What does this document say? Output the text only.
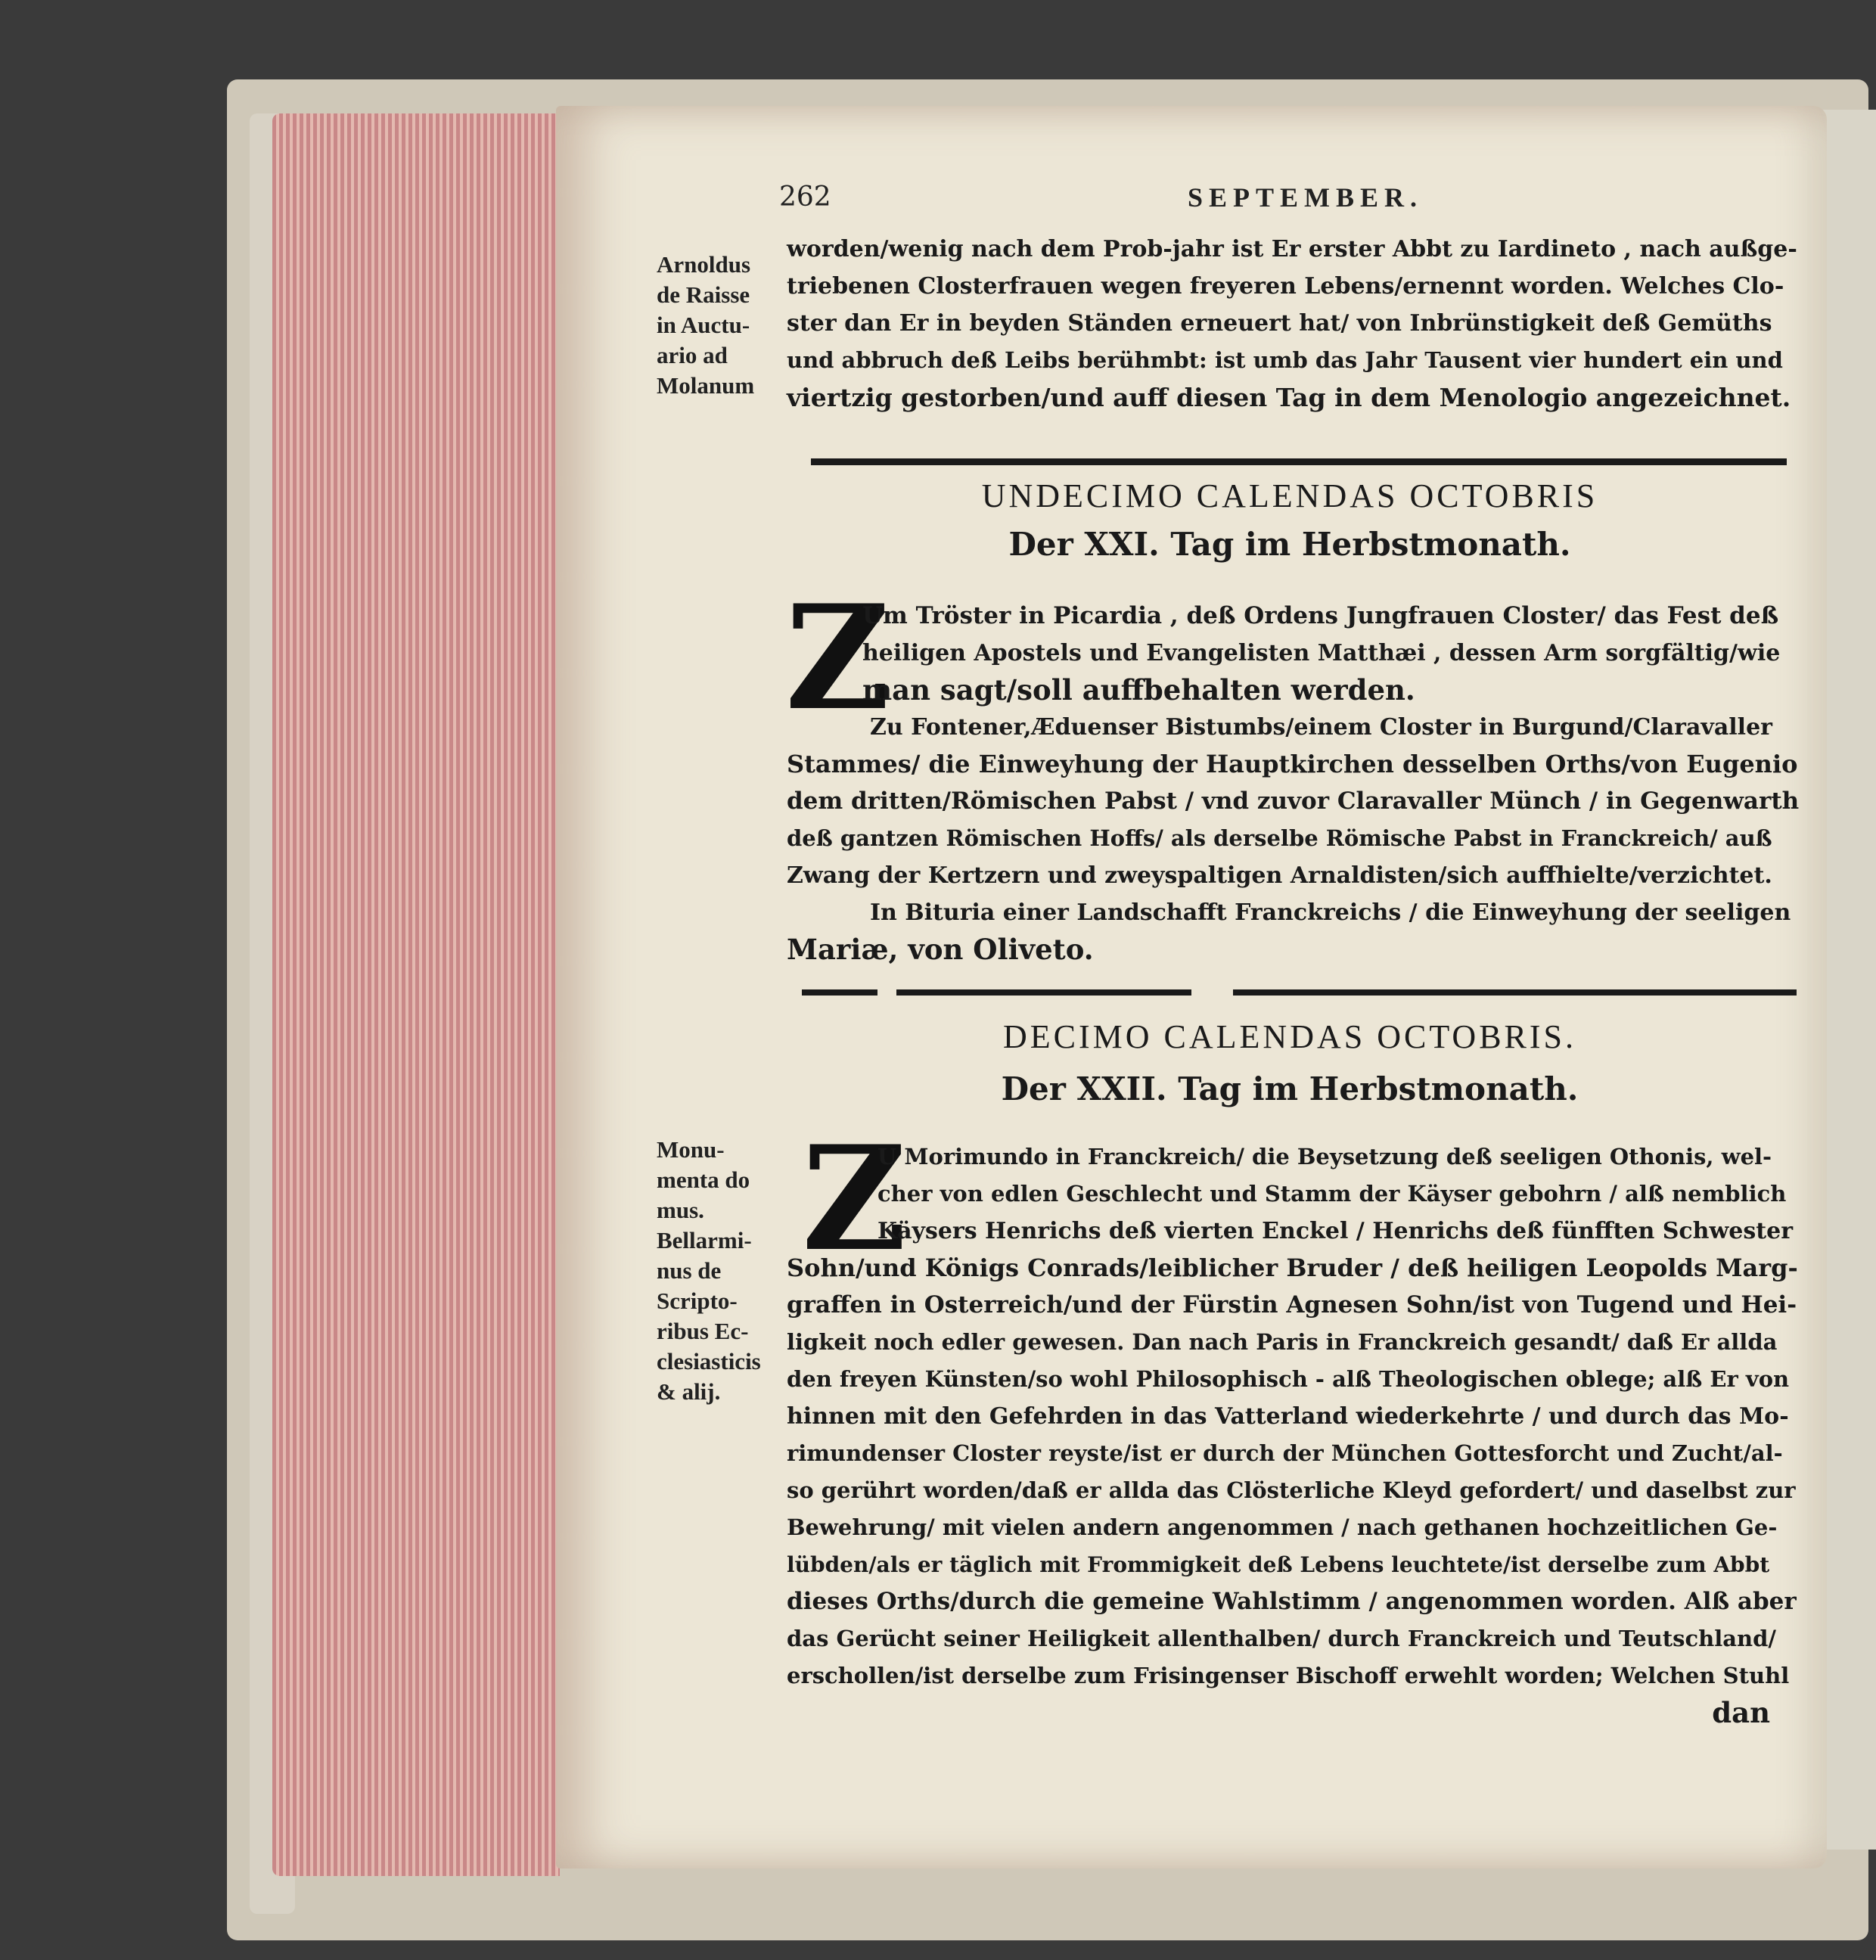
262	SEPTEMBER.
Arnoldus
de Raisse
in Auctu-
ario ad
Molanum
worden/wenig nach dem Prob-jahr ist Er erster Abbt zu Iardineto , nach außge-
triebenen Closterfrauen wegen freyeren Lebens/ernennt worden. Welches Clo-
ster dan Er in beyden Ständen erneuert hat/ von Inbrünstigkeit deß Gemüths
und abbruch deß Leibs berühmbt: ist umb das Jahr Tausent vier hundert ein und
viertzig gestorben/und auff diesen Tag in dem Menologio angezeichnet.
UNDECIMO CALENDAS OCTOBRIS
Der XXI. Tag im Herbstmonath.
Z
Um Tröster in Picardia , deß Ordens Jungfrauen Closter/ das Fest deß
heiligen Apostels und Evangelisten Matthæi , dessen Arm sorgfältig/wie
man sagt/soll auffbehalten werden.
Zu Fontener,Æduenser Bistumbs/einem Closter in Burgund/Claravaller
Stammes/ die Einweyhung der Hauptkirchen desselben Orths/von Eugenio
dem dritten/Römischen Pabst / vnd zuvor Claravaller Münch / in Gegenwarth
deß gantzen Römischen Hoffs/ als derselbe Römische Pabst in Franckreich/ auß
Zwang der Kertzern und zweyspaltigen Arnaldisten/sich auffhielte/verzichtet.
In Bituria einer Landschafft Franckreichs / die Einweyhung der seeligen
Mariæ, von Oliveto.
DECIMO CALENDAS OCTOBRIS.
Der XXII. Tag im Herbstmonath.
Monu-
menta do
mus.
Bellarmi-
nus de
Scripto-
ribus Ec-
clesiasticis
& alij.
Z
U Morimundo in Franckreich/ die Beysetzung deß seeligen Othonis, wel-
cher von edlen Geschlecht und Stamm der Käyser gebohrn / alß nemblich
Käysers Henrichs deß vierten Enckel / Henrichs deß fünfften Schwester
Sohn/und Königs Conrads/leiblicher Bruder / deß heiligen Leopolds Marg-
graffen in Osterreich/und der Fürstin Agnesen Sohn/ist von Tugend und Hei-
ligkeit noch edler gewesen. Dan nach Paris in Franckreich gesandt/ daß Er allda
den freyen Künsten/so wohl Philosophisch - alß Theologischen oblege; alß Er von
hinnen mit den Gefehrden in das Vatterland wiederkehrte / und durch das Mo-
rimundenser Closter reyste/ist er durch der München Gottesforcht und Zucht/al-
so gerührt worden/daß er allda das Clösterliche Kleyd gefordert/ und daselbst zur
Bewehrung/ mit vielen andern angenommen / nach gethanen hochzeitlichen Ge-
lübden/als er täglich mit Frommigkeit deß Lebens leuchtete/ist derselbe zum Abbt
dieses Orths/durch die gemeine Wahlstimm / angenommen worden. Alß aber
das Gerücht seiner Heiligkeit allenthalben/ durch Franckreich und Teutschland/
erschollen/ist derselbe zum Frisingenser Bischoff erwehlt worden; Welchen Stuhl
dan
